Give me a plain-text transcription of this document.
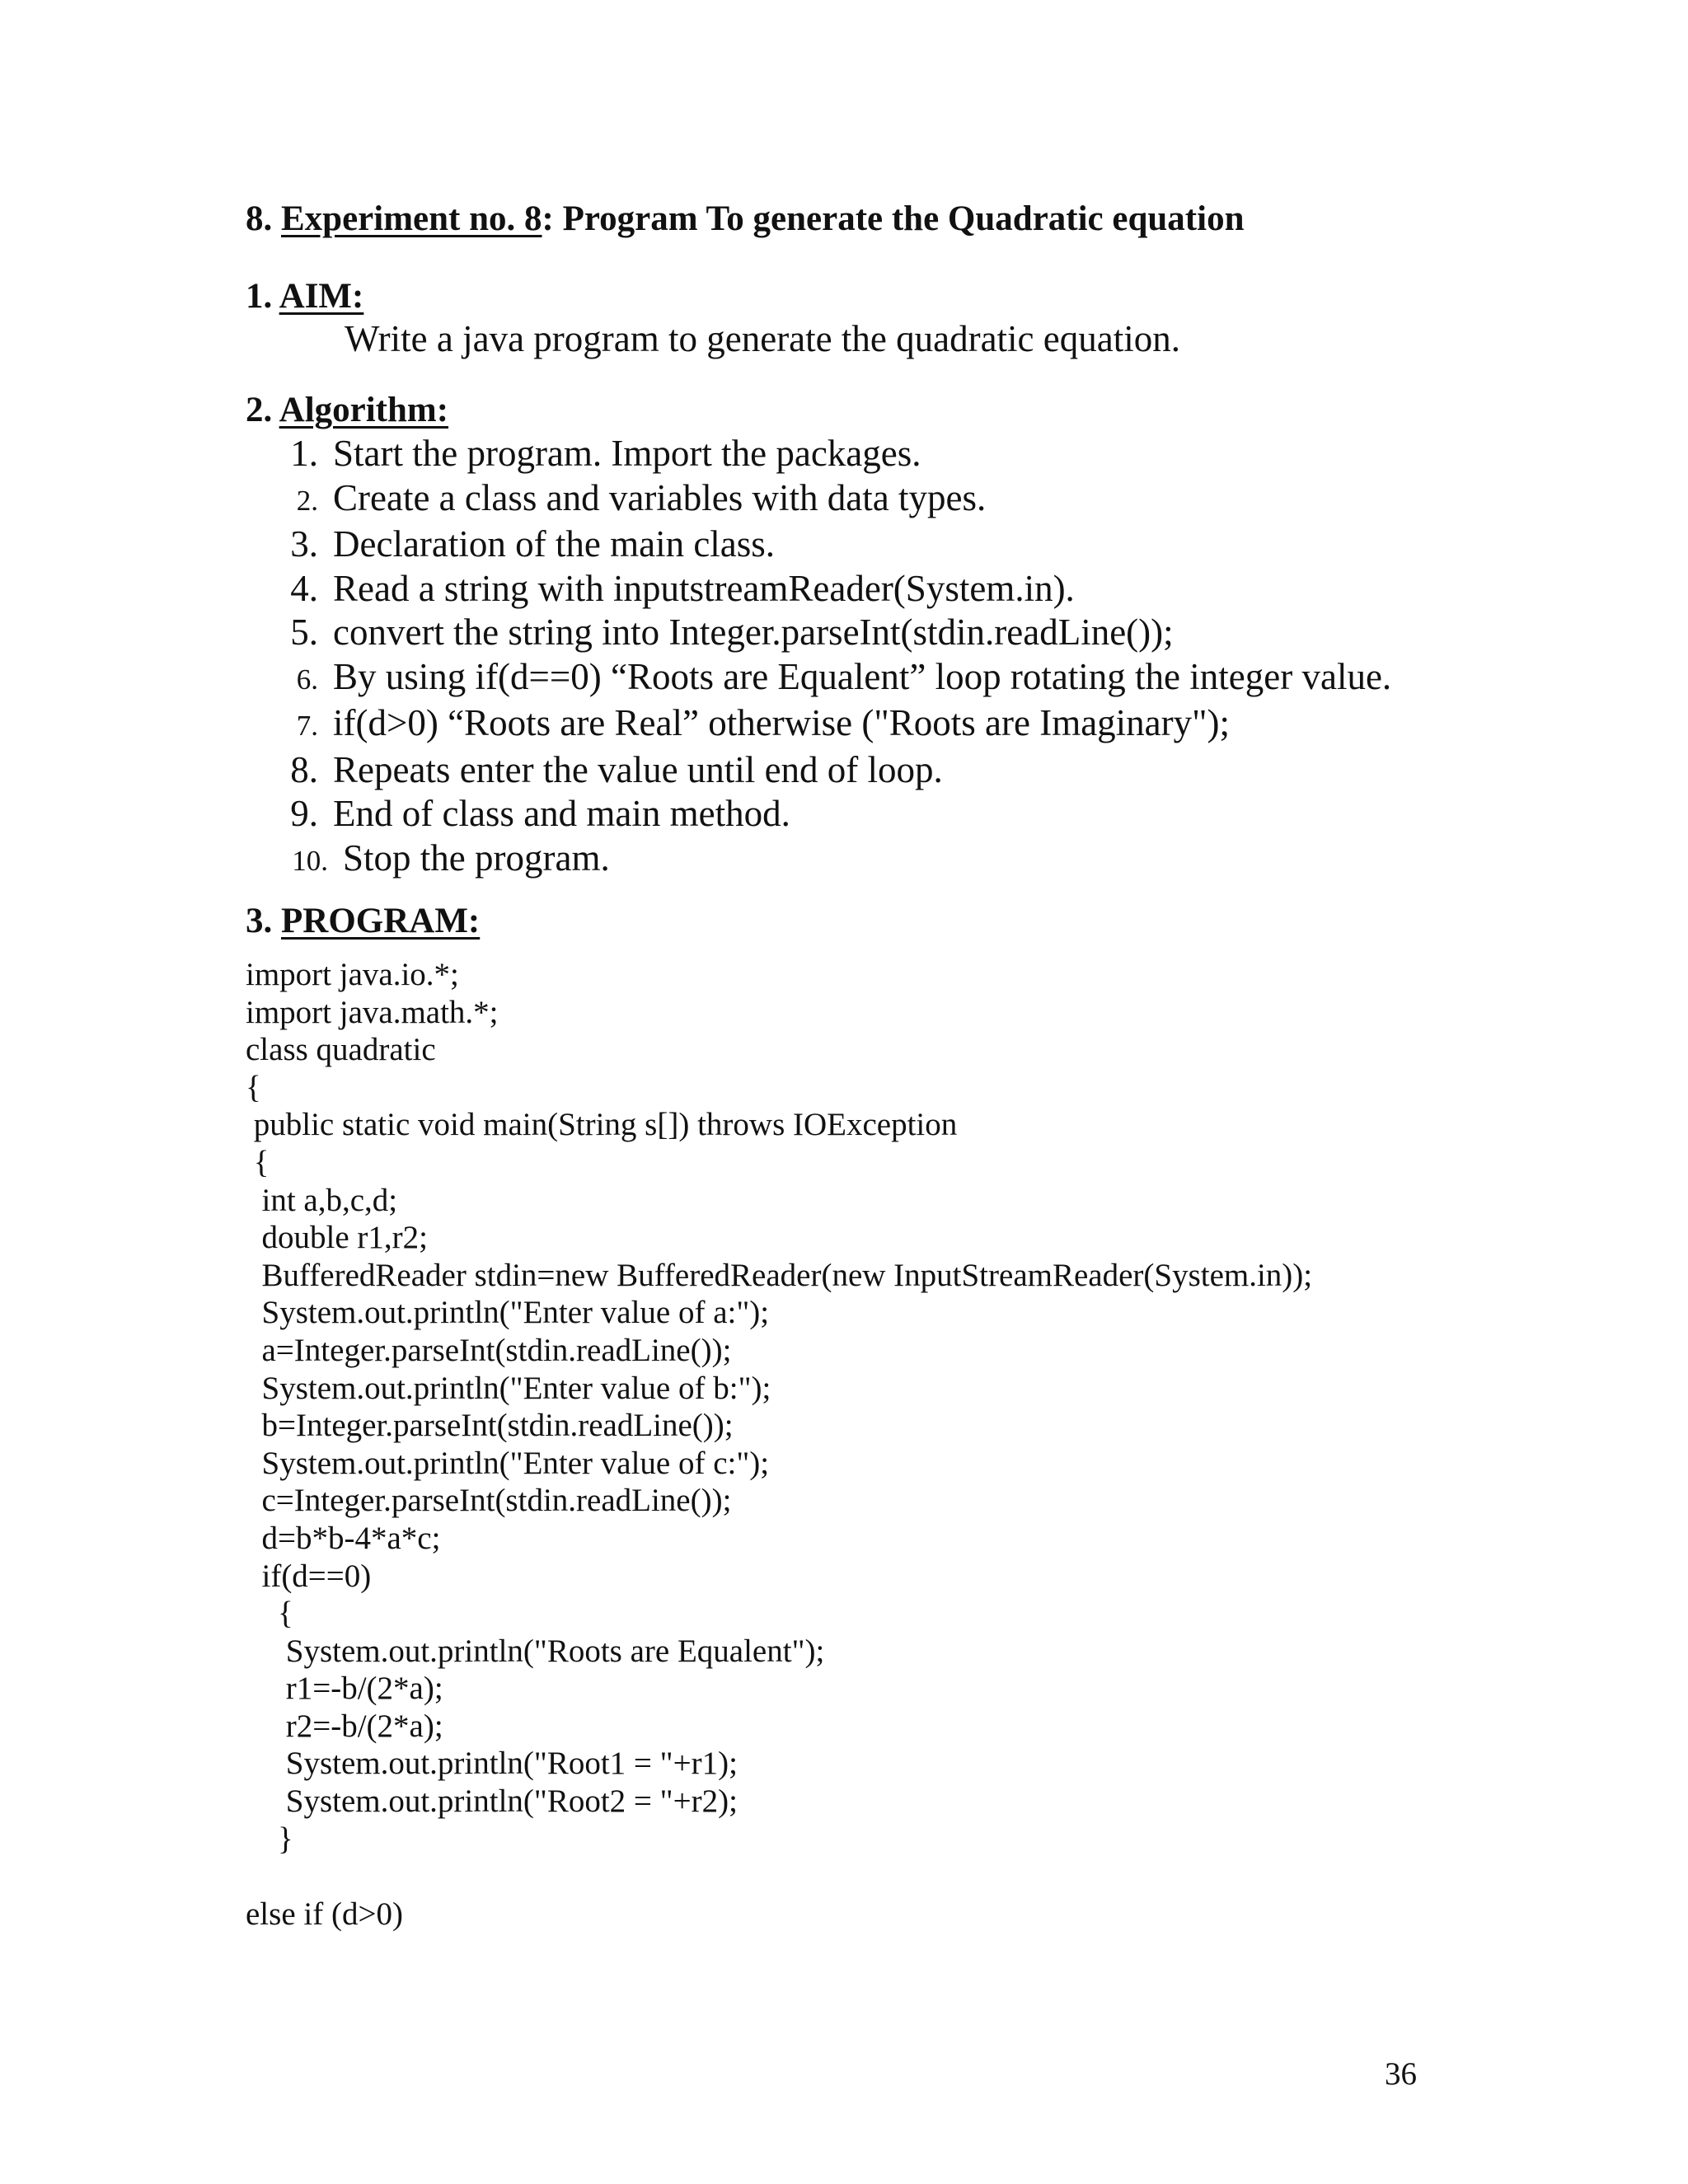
8. Experiment no. 8: Program To generate the Quadratic equation
1. AIM:
Write a java program to generate the quadratic equation.
2. Algorithm:
1. Start the program. Import the packages.
2. Create a class and variables with data types.
3. Declaration of the main class.
4. Read a string with inputstreamReader(System.in).
5. convert the string into Integer.parseInt(stdin.readLine());
6. By using if(d==0) “Roots are Equalent” loop rotating the integer value.
7. if(d>0) “Roots are Real” otherwise ("Roots are Imaginary");
8. Repeats enter the value until end of loop.
9. End of class and main method.
10. Stop the program.
3. PROGRAM:
import java.io.*;
import java.math.*;
class quadratic
{
public static void main(String s[]) throws IOException
{
int a,b,c,d;
double r1,r2;
BufferedReader stdin=new BufferedReader(new InputStreamReader(System.in));
System.out.println("Enter value of a:");
a=Integer.parseInt(stdin.readLine());
System.out.println("Enter value of b:");
b=Integer.parseInt(stdin.readLine());
System.out.println("Enter value of c:");
c=Integer.parseInt(stdin.readLine());
d=b*b-4*a*c;
if(d==0)
{
System.out.println("Roots are Equalent");
r1=-b/(2*a);
r2=-b/(2*a);
System.out.println("Root1 = "+r1);
System.out.println("Root2 = "+r2);
}
else if (d>0)
36
